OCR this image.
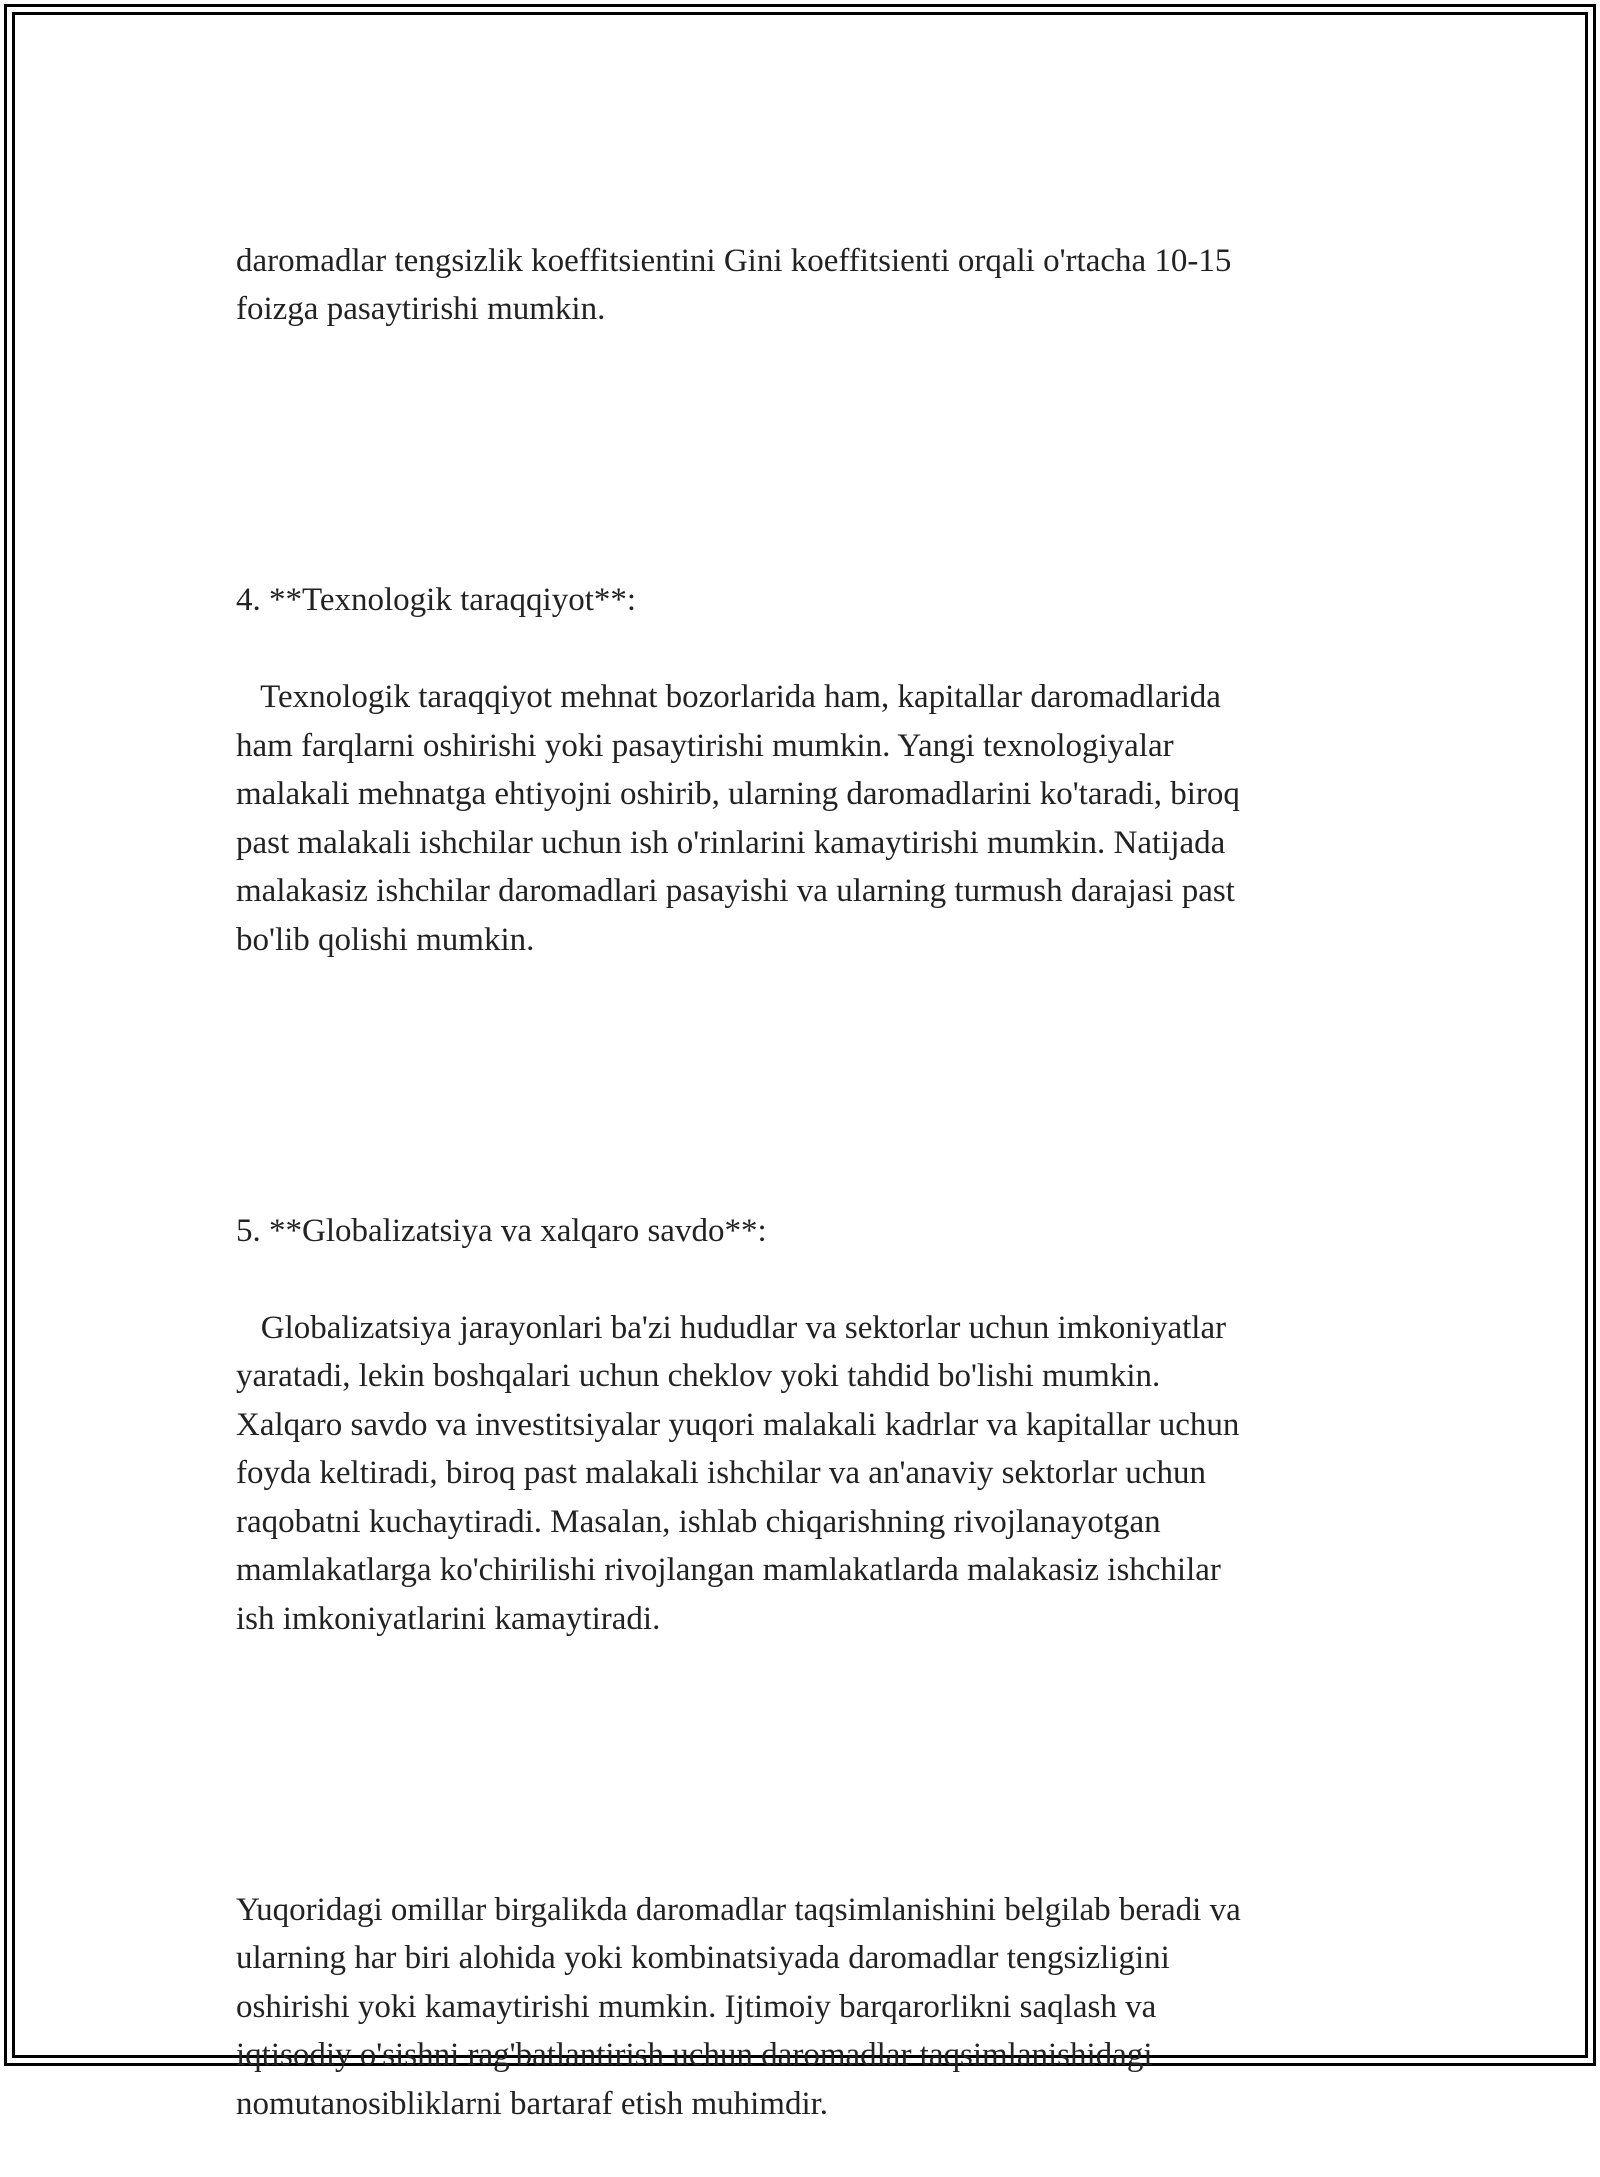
daromadlar tengsizlik koeffitsientini Gini koeffitsienti orqali o'rtacha 10-15
foizga pasaytirishi mumkin.

4. **Texnologik taraqqiyot**:

Texnologik taraqqiyot mehnat bozorlarida ham, kapitallar daromadlarida
ham farqlarni oshirishi yoki pasaytirishi mumkin. Yangi texnologiyalar
malakali mehnatga ehtiyojni oshirib, ularning daromadlarini ko'taradi, biroq
past malakali ishchilar uchun ish o'rinlarini kamaytirishi mumkin. Natijada
malakasiz ishchilar daromadlari pasayishi va ularning turmush darajasi past
bo'lib qolishi mumkin.

5. **Globalizatsiya va xalqaro savdo**:

Globalizatsiya jarayonlari ba'zi hududlar va sektorlar uchun imkoniyatlar
yaratadi, lekin boshqalari uchun cheklov yoki tahdid bo'lishi mumkin.
Xalqaro savdo va investitsiyalar yuqori malakali kadrlar va kapitallar uchun
foyda keltiradi, biroq past malakali ishchilar va an'anaviy sektorlar uchun
raqobatni kuchaytiradi. Masalan, ishlab chiqarishning rivojlanayotgan
mamlakatlarga ko'chirilishi rivojlangan mamlakatlarda malakasiz ishchilar
ish imkoniyatlarini kamaytiradi.

Yuqoridagi omillar birgalikda daromadlar taqsimlanishini belgilab beradi va
ularning har biri alohida yoki kombinatsiyada daromadlar tengsizligini
oshirishi yoki kamaytirishi mumkin. Ijtimoiy barqarorlikni saqlash va
iqtisodiy o'sishni rag'batlantirish uchun daromadlar taqsimlanishidagi
nomutanosibliklarni bartaraf etish muhimdir.
